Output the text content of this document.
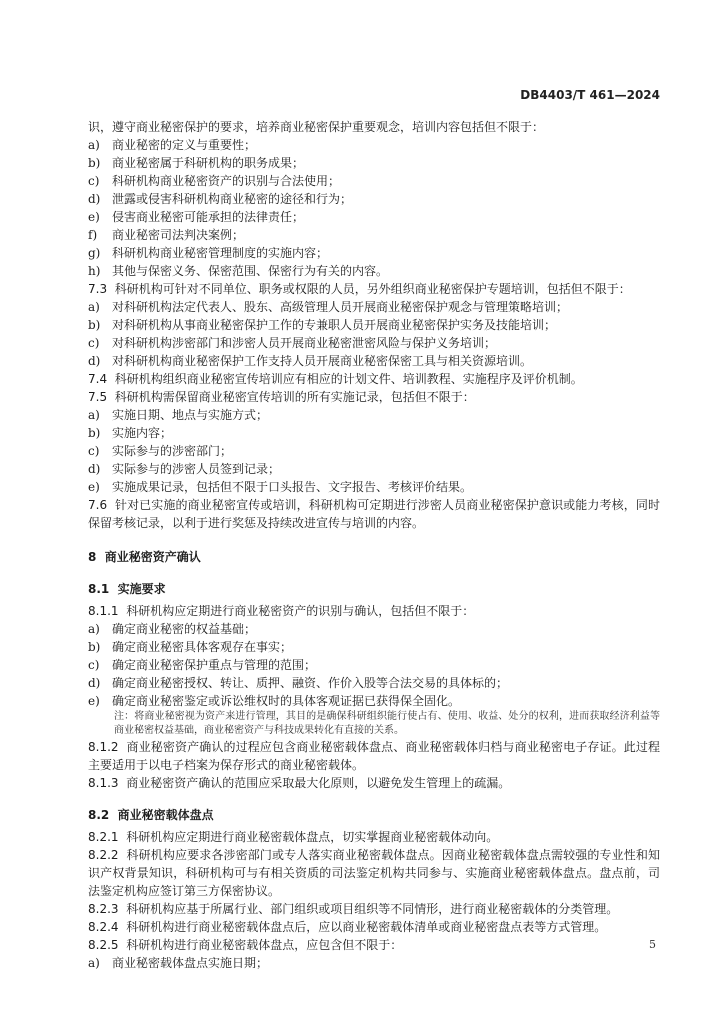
DB4403/T 461—2024
识，遵守商业秘密保护的要求，培养商业秘密保护重要观念，培训内容包括但不限于：
a) 商业秘密的定义与重要性；
b) 商业秘密属于科研机构的职务成果；
c) 科研机构商业秘密资产的识别与合法使用；
d) 泄露或侵害科研机构商业秘密的途径和行为；
e) 侵害商业秘密可能承担的法律责任；
f) 商业秘密司法判决案例；
g) 科研机构商业秘密管理制度的实施内容；
h) 其他与保密义务、保密范围、保密行为有关的内容。
7.3 科研机构可针对不同单位、职务或权限的人员，另外组织商业秘密保护专题培训，包括但不限于：
a) 对科研机构法定代表人、股东、高级管理人员开展商业秘密保护观念与管理策略培训；
b) 对科研机构从事商业秘密保护工作的专兼职人员开展商业秘密保护实务及技能培训；
c) 对科研机构涉密部门和涉密人员开展商业秘密泄密风险与保护义务培训；
d) 对科研机构商业秘密保护工作支持人员开展商业秘密保密工具与相关资源培训。
7.4 科研机构组织商业秘密宣传培训应有相应的计划文件、培训教程、实施程序及评价机制。
7.5 科研机构需保留商业秘密宣传培训的所有实施记录，包括但不限于：
a) 实施日期、地点与实施方式；
b) 实施内容；
c) 实际参与的涉密部门；
d) 实际参与的涉密人员签到记录；
e) 实施成果记录，包括但不限于口头报告、文字报告、考核评价结果。
7.6 针对已实施的商业秘密宣传或培训，科研机构可定期进行涉密人员商业秘密保护意识或能力考核，同时保留考核记录，以利于进行奖惩及持续改进宣传与培训的内容。
8 商业秘密资产确认
8.1 实施要求
8.1.1 科研机构应定期进行商业秘密资产的识别与确认，包括但不限于：
a) 确定商业秘密的权益基础；
b) 确定商业秘密具体客观存在事实；
c) 确定商业秘密保护重点与管理的范围；
d) 确定商业秘密授权、转让、质押、融资、作价入股等合法交易的具体标的；
e) 确定商业秘密鉴定或诉讼维权时的具体客观证据已获得保全固化。
注：将商业秘密视为资产来进行管理，其目的是确保科研组织能行使占有、使用、收益、处分的权利，进而获取经济利益等商业秘密权益基础，商业秘密资产与科技成果转化有直接的关系。
8.1.2 商业秘密资产确认的过程应包含商业秘密载体盘点、商业秘密载体归档与商业秘密电子存证。此过程主要适用于以电子档案为保存形式的商业秘密载体。
8.1.3 商业秘密资产确认的范围应采取最大化原则，以避免发生管理上的疏漏。
8.2 商业秘密载体盘点
8.2.1 科研机构应定期进行商业秘密载体盘点，切实掌握商业秘密载体动向。
8.2.2 科研机构应要求各涉密部门或专人落实商业秘密载体盘点。因商业秘密载体盘点需较强的专业性和知识产权背景知识，科研机构可与有相关资质的司法鉴定机构共同参与、实施商业秘密载体盘点。盘点前，司法鉴定机构应签订第三方保密协议。
8.2.3 科研机构应基于所属行业、部门组织或项目组织等不同情形，进行商业秘密载体的分类管理。
8.2.4 科研机构进行商业秘密载体盘点后，应以商业秘密载体清单或商业秘密盘点表等方式管理。
8.2.5 科研机构进行商业秘密载体盘点，应包含但不限于：
a) 商业秘密载体盘点实施日期；
5
